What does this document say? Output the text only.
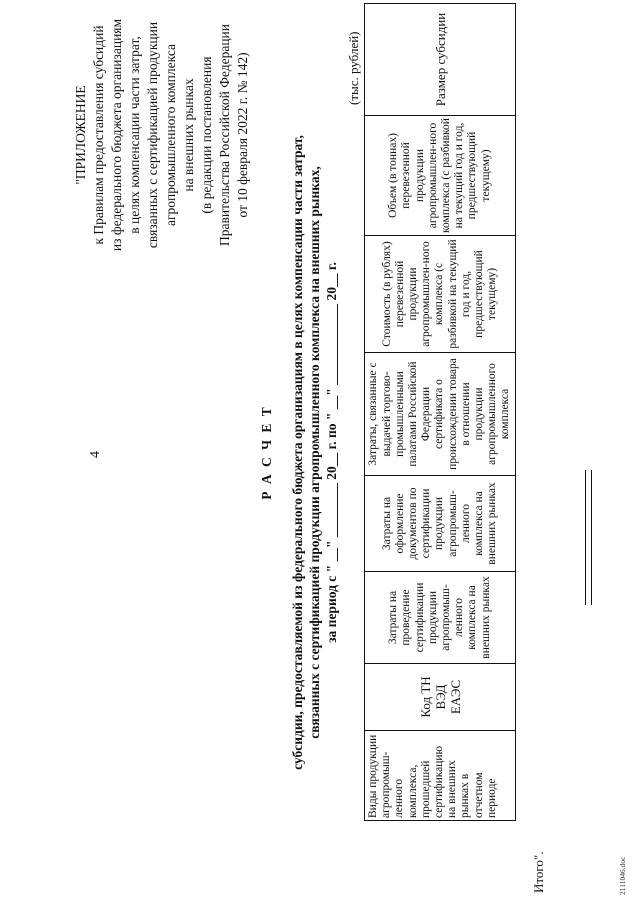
4
"ПРИЛОЖЕНИЕ к Правилам предоставления субсидий из федерального бюджета организациям в целях компенсации части затрат, связанных с сертификацией продукции агропромышленного комплекса на внешних рынках (в редакции постановления Правительства Российской Федерации от 10 февраля 2022 г. № 142)
Р А С Ч Е Т субсидии, предоставляемой из федерального бюджета организациям в целях компенсации части затрат, связанных с сертификацией продукции агропромышленного комплекса на внешних рынках, за период с " __" ________ 20__ г. по " __" ____________ 20__ г.
(тыс. рублей)
Виды продукции агропромыш-ленного комплекса, прошедшей сертификацию на внешних рынках в отчетном периоде	Код ТН ВЭД ЕАЭС	Затраты на проведение сертификации продукции агропромыш-ленного комплекса на внешних рынках	Затраты на оформление документов по сертификации продукции агропромыш-ленного комплекса на внешних рынках	Затраты, связанные с выдачей торгово-промышленными палатами Российской Федерации сертификата о происхождении товара в отношении продукции агропромышленного комплекса	Стоимость (в рублях) перевезенной продукции агропромышлен-ного комплекса (с разбивкой на текущий год и год, предшествующий текущему)	Объем (в тоннах) перевезенной продукции агропромышлен-ного комплекса (с разбивкой на текущий год и год, предшествующий текущему)	Размер субсидии
Итого".	2111046.doc
